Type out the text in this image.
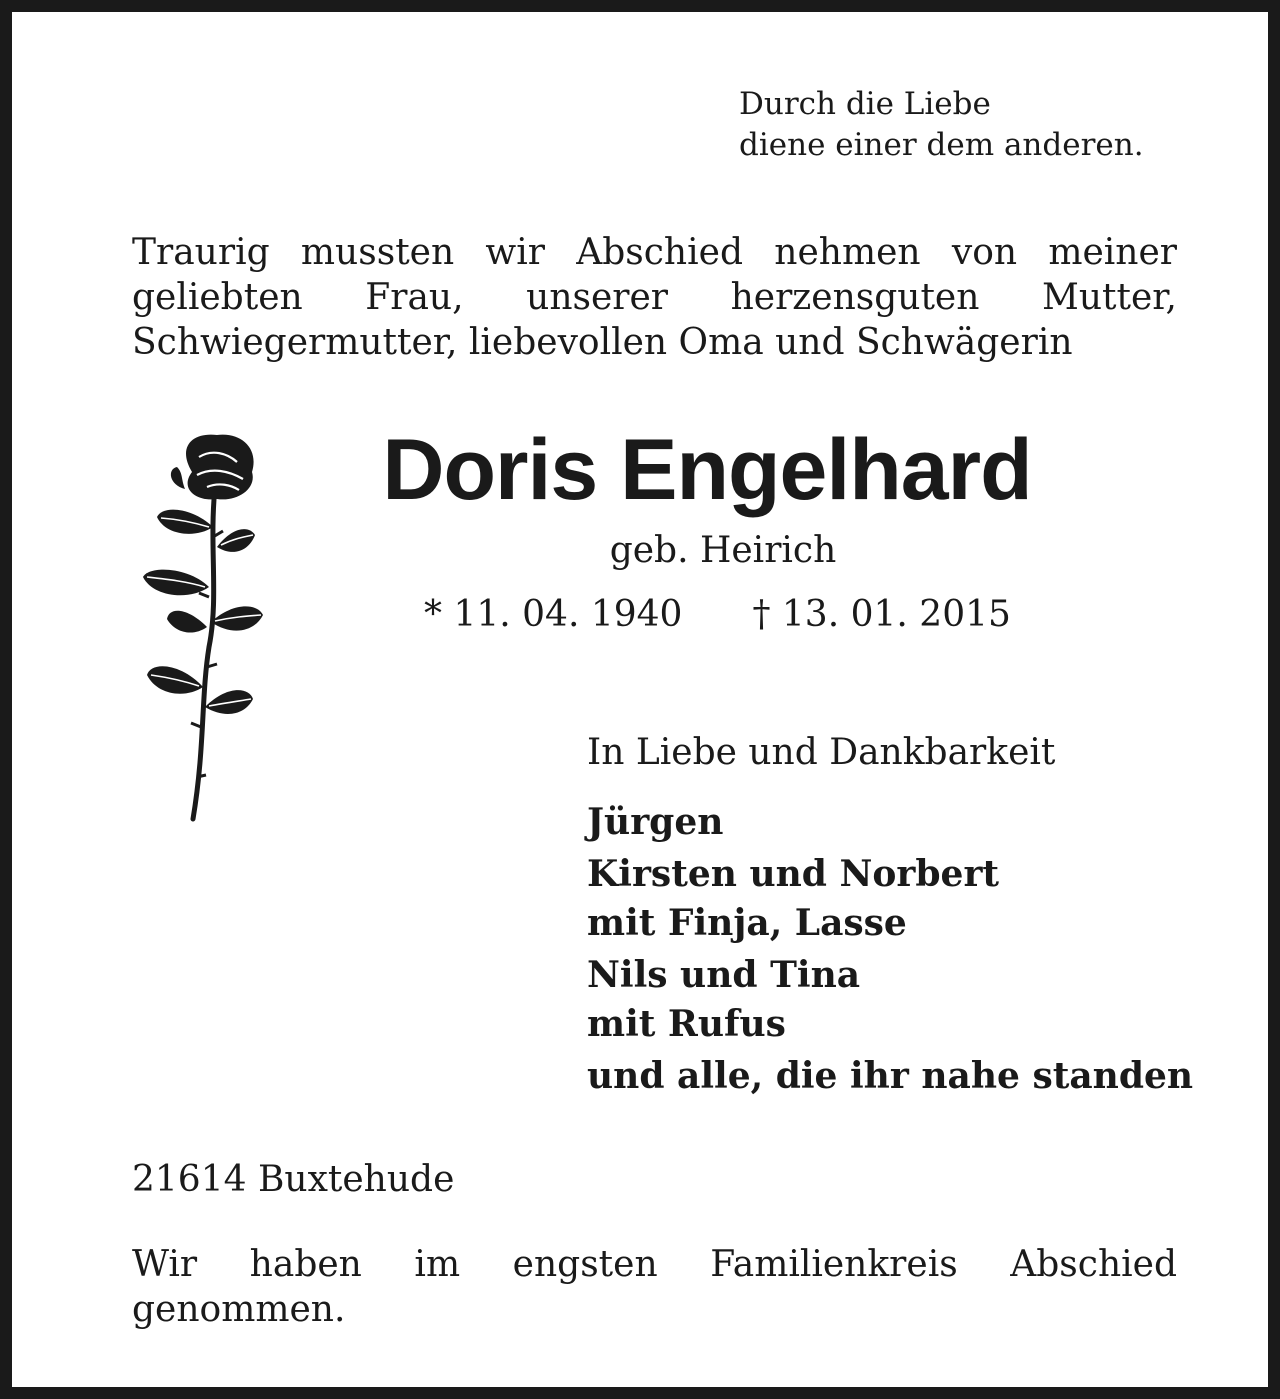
Durch die Liebe
diene einer dem anderen.
Traurig mussten wir Abschied nehmen von meiner
geliebten Frau, unserer herzensguten Mutter,
Schwiegermutter, liebevollen Oma und Schwägerin
Doris Engelhard
geb. Heirich
* 11. 04. 1940 † 13. 01. 2015
In Liebe und Dankbarkeit
Jürgen
Kirsten und Norbert
mit Finja, Lasse
Nils und Tina
mit Rufus
und alle, die ihr nahe standen
21614 Buxtehude
Wir haben im engsten Familienkreis Abschied
genommen.
